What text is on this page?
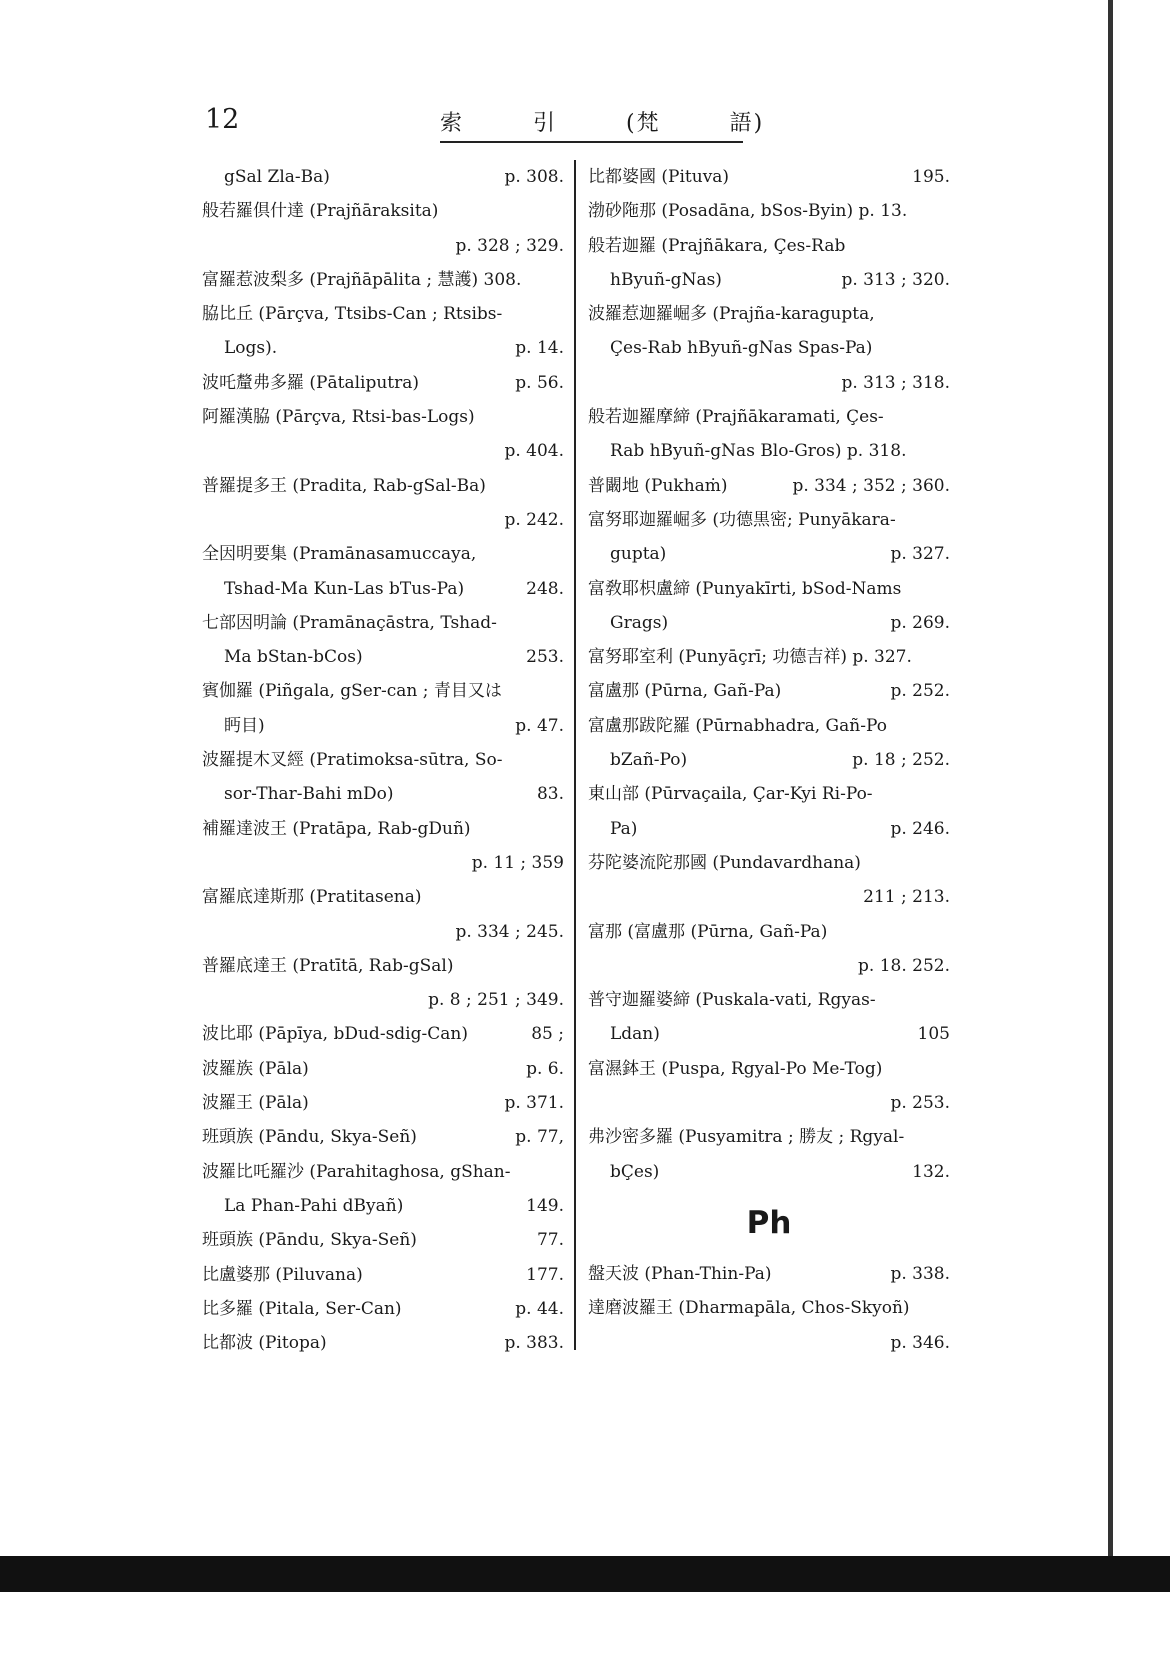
12	索 引 (梵 語)
gSal Zla-Ba)	p. 308.
般若羅倶什達 (Prajñāraksita)
p. 328 ; 329.
富羅惹波梨多 (Prajñāpālita ; 慧護) 308.
脇比丘 (Pārçva, Ttsibs-Can ; Rtsibs-
Logs).	p. 14.
波吒釐弗多羅 (Pātaliputra)	p. 56.
阿羅漢脇 (Pārçva, Rtsi-bas-Logs)
p. 404.
普羅提多王 (Pradita, Rab-gSal-Ba)
p. 242.
全因明要集 (Pramānasamuccaya,
Tshad-Ma Kun-Las bTus-Pa)	248.
七部因明論 (Pramānaçāstra, Tshad-
Ma bStan-bCos)	253.
賓伽羅 (Piñgala, gSer-can ; 青目又は
眄目)	p. 47.
波羅提木叉經 (Pratimoksa-sūtra, So-
sor-Thar-Bahi mDo)	83.
補羅達波王 (Pratāpa, Rab-gDuñ)
p. 11 ; 359
富羅底達斯那 (Pratitasena)
p. 334 ; 245.
普羅底達王 (Pratītā, Rab-gSal)
p. 8 ; 251 ; 349.
波比耶 (Pāpīya, bDud-sdig-Can)	85 ;
波羅族 (Pāla)	p. 6.
波羅王 (Pāla)	p. 371.
班頭族 (Pāndu, Skya-Señ)	p. 77,
波羅比吒羅沙 (Parahitaghosa, gShan-
La Phan-Pahi dByañ)	149.
班頭族 (Pāndu, Skya-Señ)	77.
比盧婆那 (Piluvana)	177.
比多羅 (Pitala, Ser-Can)	p. 44.
比都波 (Pitopa)	p. 383.
比都婆國 (Pituva)	195.
渤砂陁那 (Posadāna, bSos-Byin) p. 13.
般若迦羅 (Prajñākara, Çes-Rab
hByuñ-gNas)	p. 313 ; 320.
波羅惹迦羅崛多 (Prajña-karagupta,
Çes-Rab hByuñ-gNas Spas-Pa)
p. 313 ; 318.
般若迦羅摩締 (Prajñākaramati, Çes-
Rab hByuñ-gNas Blo-Gros) p. 318.
普闞地 (Pukhaṁ)	p. 334 ; 352 ; 360.
富努耶迦羅崛多 (功德黒密; Punyākara-
gupta)	p. 327.
富敎耶枳盧締 (Punyakīrti, bSod-Nams
Grags)	p. 269.
富努耶室利 (Punyāçrī; 功德吉祥) p. 327.
富盧那 (Pūrna, Gañ-Pa)	p. 252.
富盧那跋陀羅 (Pūrnabhadra, Gañ-Po
bZañ-Po)	p. 18 ; 252.
東山部 (Pūrvaçaila, Çar-Kyi Ri-Po-
Pa)	p. 246.
芬陀婆流陀那國 (Pundavardhana)
211 ; 213.
富那 (富盧那 (Pūrna, Gañ-Pa)
p. 18. 252.
普守迦羅婆締 (Puskala-vati, Rgyas-
Ldan)	105
富濕鉢王 (Puspa, Rgyal-Po Me-Tog)
p. 253.
弗沙密多羅 (Pusyamitra ; 勝友 ; Rgyal-
bÇes)	132.
Ph
盤天波 (Phan-Thin-Pa)	p. 338.
達磨波羅王 (Dharmapāla, Chos-Skyoñ)
p. 346.
